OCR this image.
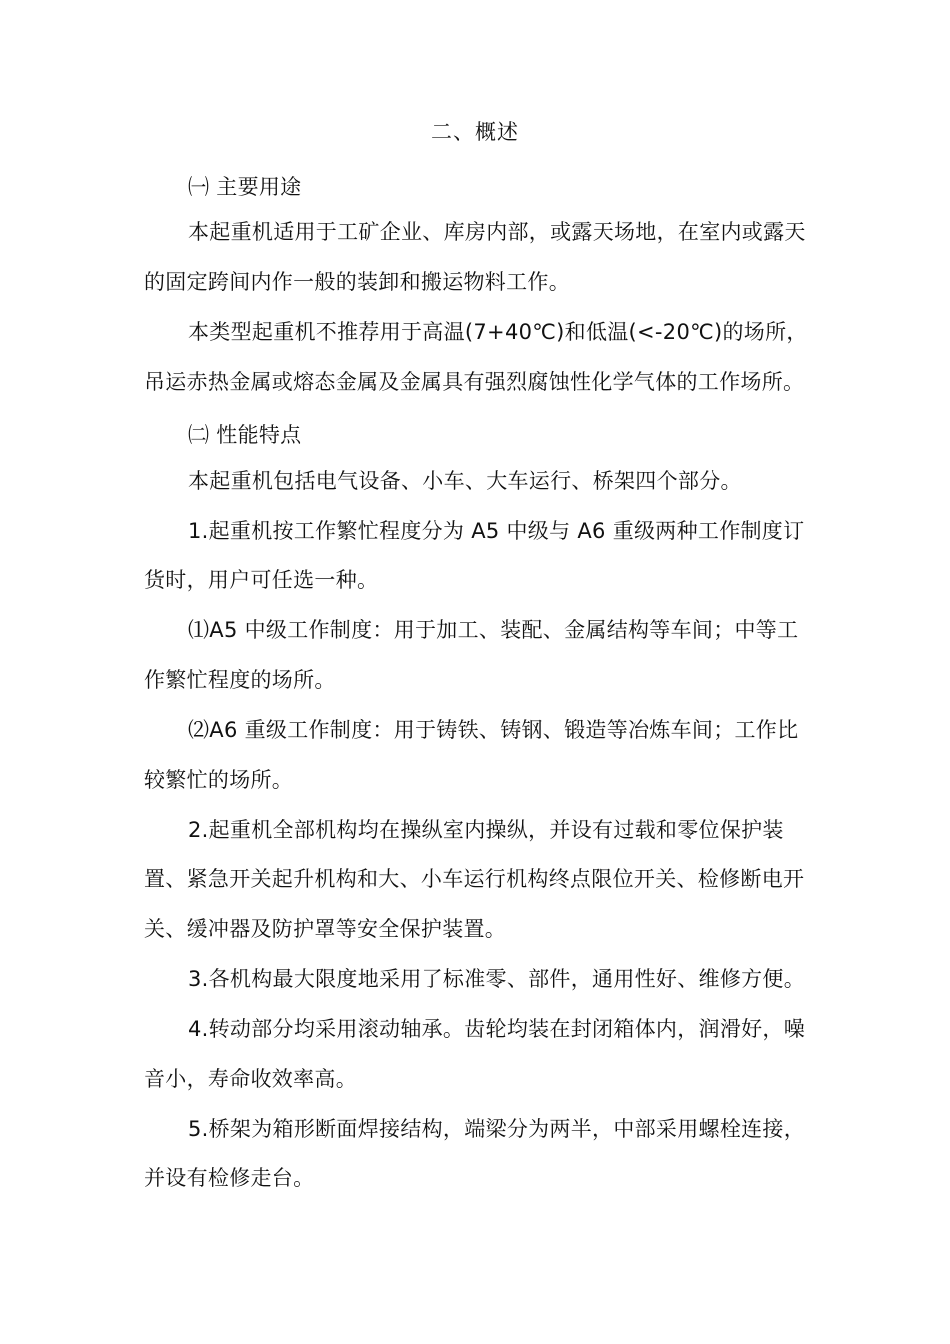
二、概述
㈠ 主要用途
本起重机适用于工矿企业、库房内部，或露天场地，在室内或露天
的固定跨间内作一般的装卸和搬运物料工作。
本类型起重机不推荐用于高温(7+40℃)和低温(<-20℃)的场所，
吊运赤热金属或熔态金属及金属具有强烈腐蚀性化学气体的工作场所。
㈡ 性能特点
本起重机包括电气设备、小车、大车运行、桥架四个部分。
1.起重机按工作繁忙程度分为 A5 中级与 A6 重级两种工作制度订
货时，用户可任选一种。
⑴A5 中级工作制度：用于加工、装配、金属结构等车间；中等工
作繁忙程度的场所。
⑵A6 重级工作制度：用于铸铁、铸钢、锻造等冶炼车间；工作比
较繁忙的场所。
2.起重机全部机构均在操纵室内操纵，并设有过载和零位保护装
置、紧急开关起升机构和大、小车运行机构终点限位开关、检修断电开
关、缓冲器及防护罩等安全保护装置。
3.各机构最大限度地采用了标准零、部件，通用性好、维修方便。
4.转动部分均采用滚动轴承。齿轮均装在封闭箱体内，润滑好，噪
音小，寿命收效率高。
5.桥架为箱形断面焊接结构，端梁分为两半，中部采用螺栓连接，
并设有检修走台。
